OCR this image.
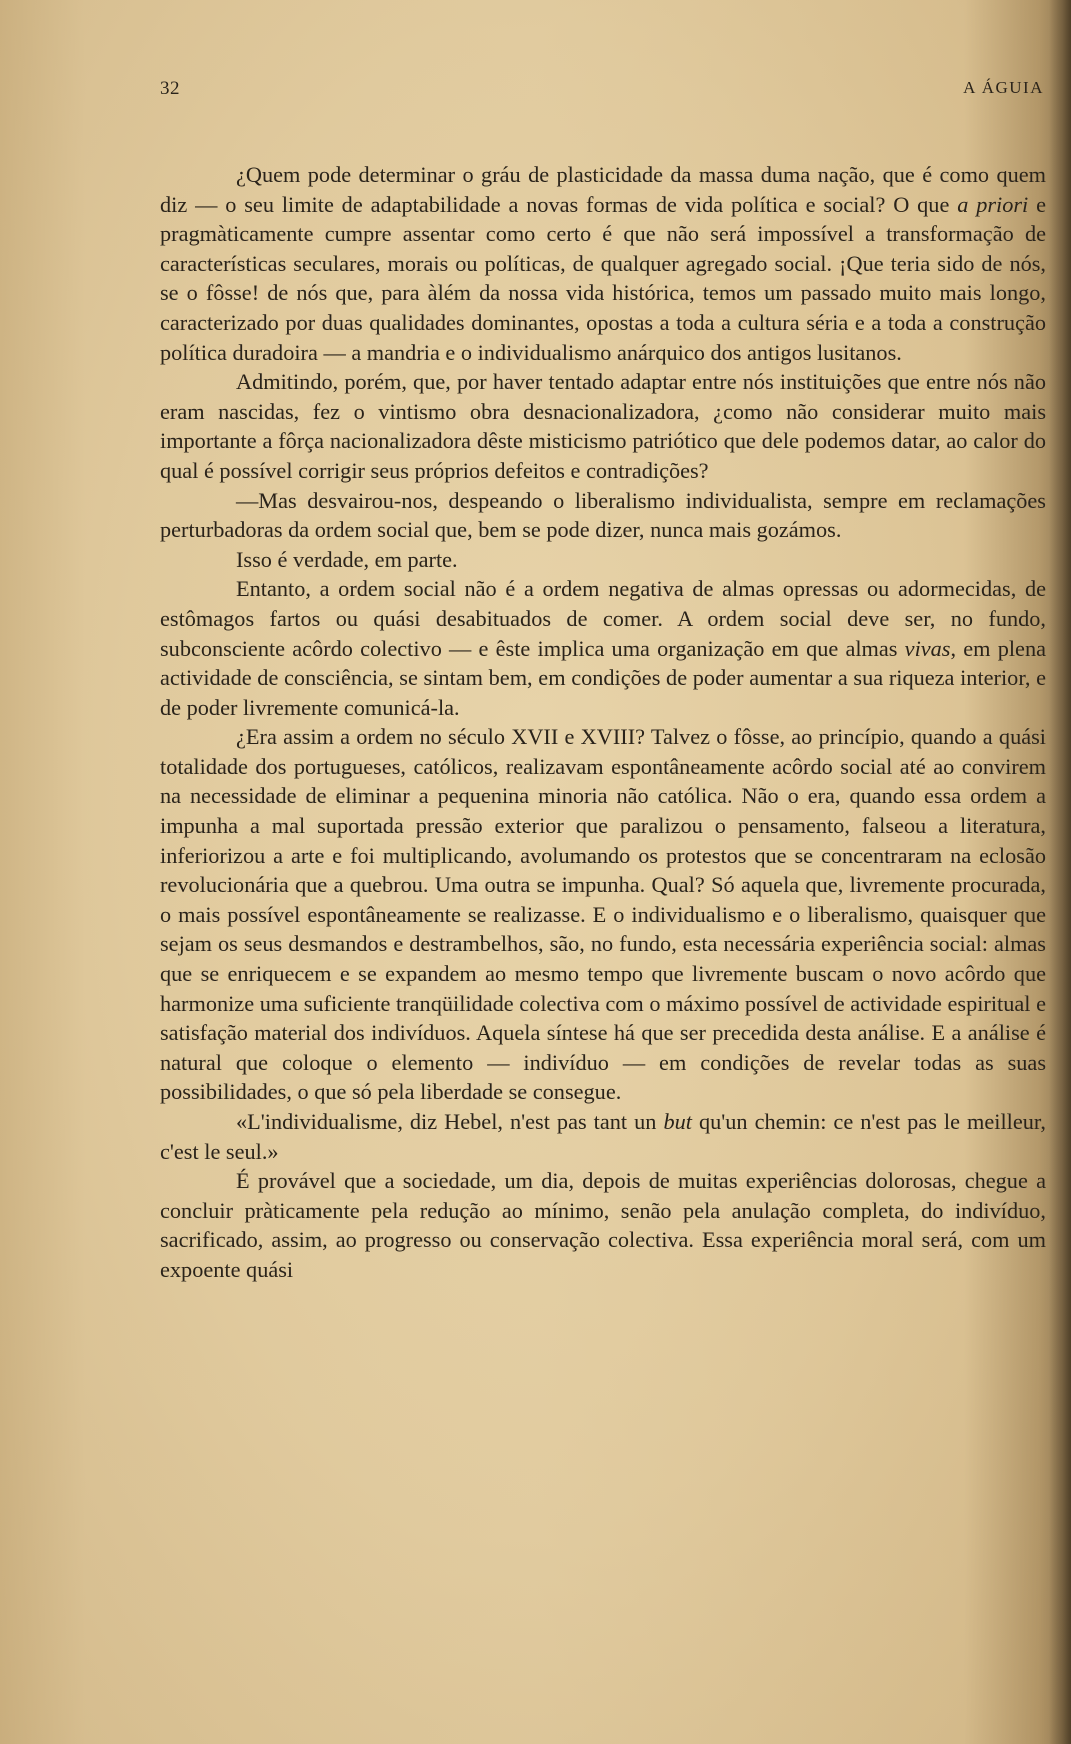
32	A ÁGUIA

¿Quem pode determinar o gráu de plasticidade da massa duma nação, que é como quem diz — o seu limite de adaptabilidade a novas formas de vida política e social? O que a priori e pragmàticamente cumpre assentar como certo é que não será impossível a transformação de características seculares, morais ou políticas, de qualquer agregado social. ¡Que teria sido de nós, se o fôsse! de nós que, para àlém da nossa vida histórica, temos um passado muito mais longo, caracterizado por duas qualidades dominantes, opostas a toda a cultura séria e a toda a construção política duradoira — a mandria e o individualismo anárquico dos antigos lusitanos.

Admitindo, porém, que, por haver tentado adaptar entre nós instituições que entre nós não eram nascidas, fez o vintismo obra desnacionalizadora, ¿como não considerar muito mais importante a fôrça nacionalizadora dêste misticismo patriótico que dele podemos datar, ao calor do qual é possível corrigir seus próprios defeitos e contradições?

—Mas desvairou-nos, despeando o liberalismo individualista, sempre em reclamações perturbadoras da ordem social que, bem se pode dizer, nunca mais gozámos.

Isso é verdade, em parte.

Entanto, a ordem social não é a ordem negativa de almas opressas ou adormecidas, de estômagos fartos ou quási desabituados de comer. A ordem social deve ser, no fundo, subconsciente acôrdo colectivo — e êste implica uma organização em que almas vivas, em plena actividade de consciência, se sintam bem, em condições de poder aumentar a sua riqueza interior, e de poder livremente comunicá-la.

¿Era assim a ordem no século XVII e XVIII? Talvez o fôsse, ao princípio, quando a quási totalidade dos portugueses, católicos, realizavam espontâneamente acôrdo social até ao convirem na necessidade de eliminar a pequenina minoria não católica. Não o era, quando essa ordem a impunha a mal suportada pressão exterior que paralizou o pensamento, falseou a literatura, inferiorizou a arte e foi multiplicando, avolumando os protestos que se concentraram na eclosão revolucionária que a quebrou. Uma outra se impunha. Qual? Só aquela que, livremente procurada, o mais possível espontâneamente se realizasse. E o individualismo e o liberalismo, quaisquer que sejam os seus desmandos e destrambelhos, são, no fundo, esta necessária experiência social: almas que se enriquecem e se expandem ao mesmo tempo que livremente buscam o novo acôrdo que harmonize uma suficiente tranqüilidade colectiva com o máximo possível de actividade espiritual e satisfação material dos indivíduos. Aquela síntese há que ser precedida desta análise. E a análise é natural que coloque o elemento — indivíduo — em condições de revelar todas as suas possibilidades, o que só pela liberdade se consegue.

«L'individualisme, diz Hebel, n'est pas tant un but qu'un chemin: ce n'est pas le meilleur, c'est le seul.»

É provável que a sociedade, um dia, depois de muitas experiências dolorosas, chegue a concluir pràticamente pela redução ao mínimo, senão pela anulação completa, do indivíduo, sacrificado, assim, ao progresso ou conservação colectiva. Essa experiência moral será, com um expoente quási
